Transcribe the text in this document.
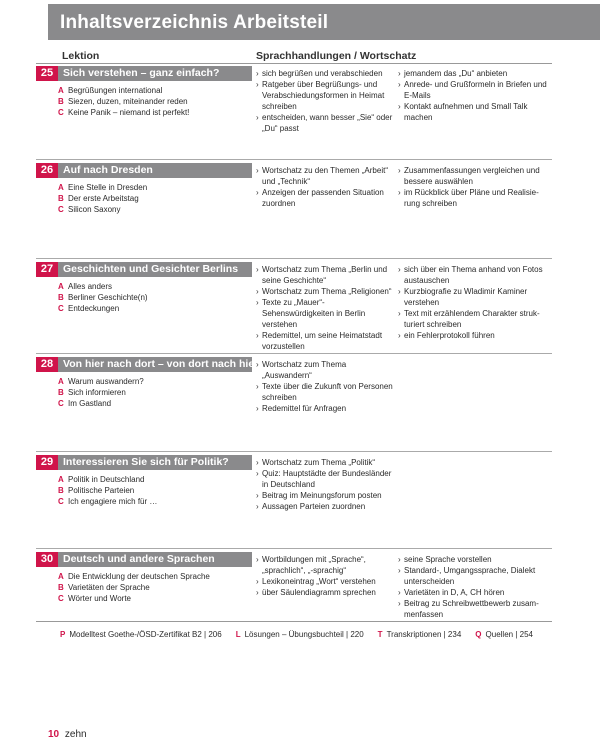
Inhaltsverzeichnis Arbeitsteil
Lektion	Sprachhandlungen / Wortschatz
25 Sich verstehen – ganz einfach?
A Begrüßungen international
B Siezen, duzen, miteinander reden
C Keine Panik – niemand ist perfekt!
› sich begrüßen und verabschieden
› Ratgeber über Begrüßungs- und Verabschiedungsformen in Heimat schreiben
› entscheiden, wann besser „Sie“ oder „Du“ passt
› jemandem das „Du“ anbieten
› Anrede- und Grußformeln in Briefen und E-Mails
› Kontakt aufnehmen und Small Talk machen
26 Auf nach Dresden
A Eine Stelle in Dresden
B Der erste Arbeitstag
C Silicon Saxony
› Wortschatz zu den Themen „Arbeit“ und „Technik“
› Anzeigen der passenden Situation zuordnen
› Zusammenfassungen vergleichen und bessere auswählen
› im Rückblick über Pläne und Realisie-rung schreiben
27 Geschichten und Gesichter Berlins
A Alles anders
B Berliner Geschichte(n)
C Entdeckungen
› Wortschatz zum Thema „Berlin und seine Geschichte“
› Wortschatz zum Thema „Religionen“
› Texte zu „Mauer“-Sehenswürdigkeiten in Berlin verstehen
› Redemittel, um seine Heimatstadt vorzustellen
› sich über ein Thema anhand von Fotos austauschen
› Kurzbiografie zu Wladimir Kaminer verstehen
› Text mit erzählendem Charakter struk-turiert schreiben
› ein Fehlerprotokoll führen
28 Von hier nach dort – von dort nach hier
A Warum auswandern?
B Sich informieren
C Im Gastland
› Wortschatz zum Thema „Auswandern“
› Texte über die Zukunft von Personen schreiben
› Redemittel für Anfragen
29 Interessieren Sie sich für Politik?
A Politik in Deutschland
B Politische Parteien
C Ich engagiere mich für …
› Wortschatz zum Thema „Politik“
› Quiz: Hauptstädte der Bundesländer in Deutschland
› Beitrag im Meinungsforum posten
› Aussagen Parteien zuordnen
30 Deutsch und andere Sprachen
A Die Entwicklung der deutschen Sprache
B Varietäten der Sprache
C Wörter und Worte
› Wortbildungen mit „Sprache“, „sprachlich“, „-sprachig“
› Lexikoneintrag „Wort“ verstehen
› über Säulendiagramm sprechen
› seine Sprache vorstellen
› Standard-, Umgangssprache, Dialekt unterscheiden
› Varietäten in D, A, CH hören
› Beitrag zu Schreibwettbewerb zusam-menfassen
P Modelltest Goethe-/ÖSD-Zertifikat B2 | 206 L Lösungen – Übungsbuchteil | 220 T Transkriptionen | 234 Q Quellen | 254
10 zehn
